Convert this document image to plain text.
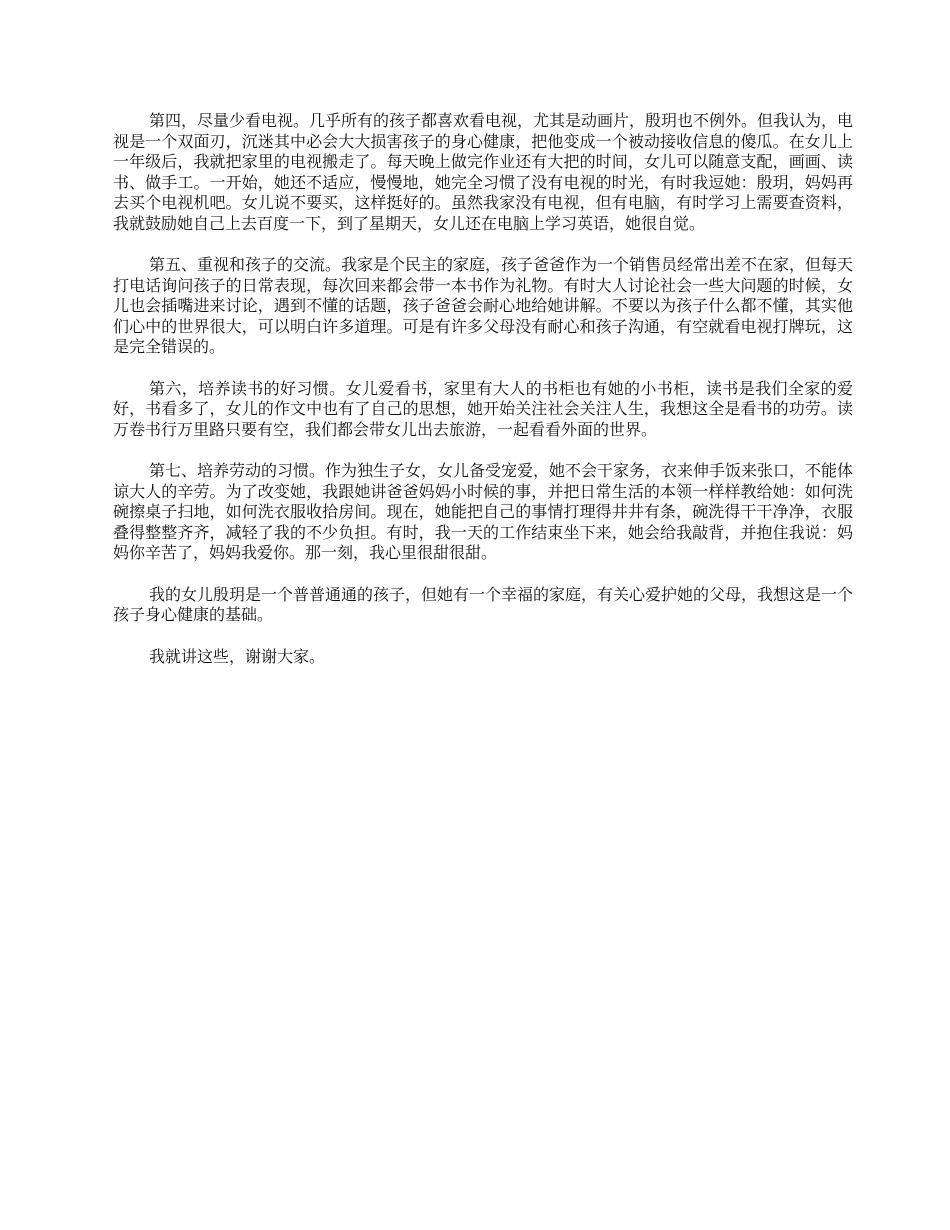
第四，尽量少看电视。几乎所有的孩子都喜欢看电视，尤其是动画片，殷玥也不例外。但我认为，电视是一个双面刃，沉迷其中必会大大损害孩子的身心健康，把他变成一个被动接收信息的傻瓜。在女儿上一年级后，我就把家里的电视搬走了。每天晚上做完作业还有大把的时间，女儿可以随意支配，画画、读书、做手工。一开始，她还不适应，慢慢地，她完全习惯了没有电视的时光，有时我逗她：殷玥，妈妈再去买个电视机吧。女儿说不要买，这样挺好的。虽然我家没有电视，但有电脑，有时学习上需要查资料，我就鼓励她自己上去百度一下，到了星期天，女儿还在电脑上学习英语，她很自觉。

第五、重视和孩子的交流。我家是个民主的家庭，孩子爸爸作为一个销售员经常出差不在家，但每天打电话询问孩子的日常表现，每次回来都会带一本书作为礼物。有时大人讨论社会一些大问题的时候，女儿也会插嘴进来讨论，遇到不懂的话题，孩子爸爸会耐心地给她讲解。不要以为孩子什么都不懂，其实他们心中的世界很大，可以明白许多道理。可是有许多父母没有耐心和孩子沟通，有空就看电视打牌玩，这是完全错误的。

第六，培养读书的好习惯。女儿爱看书，家里有大人的书柜也有她的小书柜，读书是我们全家的爱好，书看多了，女儿的作文中也有了自己的思想，她开始关注社会关注人生，我想这全是看书的功劳。读万卷书行万里路只要有空，我们都会带女儿出去旅游，一起看看外面的世界。

第七、培养劳动的习惯。作为独生子女，女儿备受宠爱，她不会干家务，衣来伸手饭来张口，不能体谅大人的辛劳。为了改变她，我跟她讲爸爸妈妈小时候的事，并把日常生活的本领一样样教给她：如何洗碗擦桌子扫地，如何洗衣服收拾房间。现在，她能把自己的事情打理得井井有条，碗洗得干干净净，衣服叠得整整齐齐，减轻了我的不少负担。有时，我一天的工作结束坐下来，她会给我敲背，并抱住我说：妈妈你辛苦了，妈妈我爱你。那一刻，我心里很甜很甜。

我的女儿殷玥是一个普普通通的孩子，但她有一个幸福的家庭，有关心爱护她的父母，我想这是一个孩子身心健康的基础。

我就讲这些，谢谢大家。
